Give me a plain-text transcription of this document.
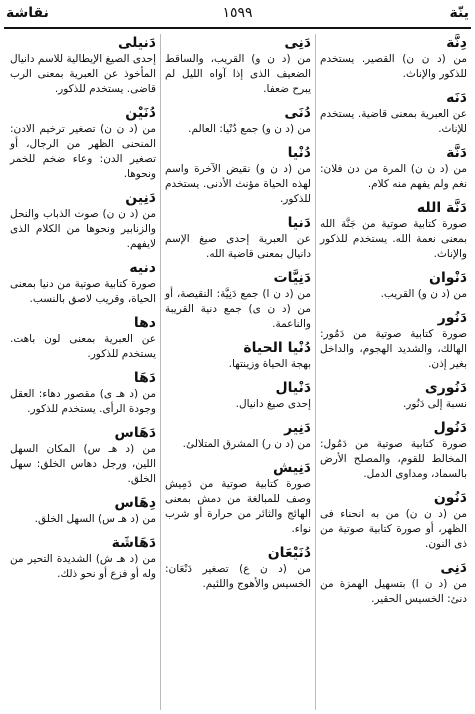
نقاشة	١٥٩٩	ينّة
دِنَّة
من (د ن ن) القصير. يستخدم للذكور والإناث.
دَنَه
عن العبرية بمعنى قاضية. يستخدم للإناث.
دَنَّة
من (د ن ن) المرة من دن فلان: نغم ولم يفهم منه كلام.
دَنَّة الله
صورة كتابية صوتية من جَنَّة الله بمعنى نعمة الله. يستخدم للذكور والإناث.
دَنْوان
من (د ن و) القريب.
دَنُور
صورة كتابية صوتية من دَمُور: الهالك، والشديد الهجوم، والداخل بغير إذن.
دَنُورى
نسبة إلى دَنُور.
دَنُول
صورة كتابية صوتية من دَمُول: المخالط للقوم، والمصلح الأرض بالسماد، ومداوى الدمل.
دَنُون
من (د ن ن) من به انحناء فى الظهر، أو صورة كتابية صوتية من ذى النون.
دَنِى
من (د ن ا) بتسهيل الهمزة من دنئ: الخسيس الحقير.
دَنِى
من (د ن و) القريب، والساقط الضعيف الذى إذا آواه الليل لم يبرح ضعفا.
دُنَى
من (د ن و) جمع دُنْيا: العالم.
دُنْيا
من (د ن و) نقيض الآخرة واسم لهذه الحياة مؤنث الأدنى. يستخدم للذكور.
دَنيا
عن العبرية إحدى صيغ الإسم دانيال بمعنى قاضية الله.
دَنِيَّات
من (د ن ا) جمع دَنِيَّة: النقيصة، أو من (د ن ى) جمع دنية القريبة والناعمة.
دُنْيا الحياة
بهجة الحياة وزينتها.
دَنْيال
إحدى صيغ دانيال.
دَنِير
من (د ن ر) المشرق المتلالئ.
دَنِيش
صورة كتابية صوتية من دَمِيش وصف للمبالغة من دمش بمعنى الهائج والثائر من حرارة أو شرب نواء.
دُنَيْعَان
من (د ن ع) تصغير دَنْعَان: الخسيس والأهوج واللئيم.
دَنيلى
إحدى الصيغ الإيطالية للاسم دانيال المأخوذ عن العبرية بمعنى الرب قاضى. يستخدم للذكور.
دُنَيْن
من (د ن ن) تصغير ترخيم الادن: المنحنى الظهر من الرجال، أو تصغير الدن: وعاء ضخم للخمر ونحوها.
دَنِين
من (د ن ن) صوت الذباب والنحل والزنابير ونحوها من الكلام الذى لايفهم.
دنيه
صورة كتابية صوتية من دنيا بمعنى الحياة، وقريب لاصق بالنسب.
دها
عن العبرية بمعنى لون باهت. يستخدم للذكور.
دَهَا
من (د هـ ى) مقصور دهاء: العقل وجودة الرأى. يستخدم للذكور.
دَهَاس
من (د هـ س) المكان السهل اللين، ورجل دهاس الخلق: سهل الخلق.
دِهَاس
من (د هـ س) السهل الخلق.
دَهَاشَة
من (د هـ ش) الشديدة التحير من وله أو فزع أو نحو ذلك.
